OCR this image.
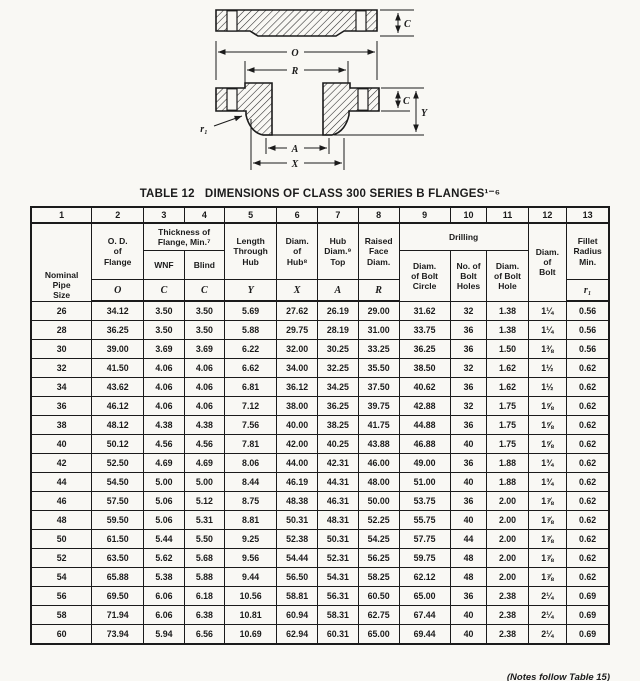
C
O
R
r₁
C
Y
A
X
TABLE 12   DIMENSIONS OF CLASS 300 SERIES B FLANGES¹⁻⁶
1	2	3	4	5	6	7	8	9	10	11	12	13
Nominal
Pipe
Size	O. D.
of
Flange	Thickness of
Flange, Min.⁷		Length
Through
Hub	Diam.
of
Hub⁸	Hub
Diam.⁹
Top	Raised
Face
Diam.	Drilling			Diam.
of
Bolt	Fillet
Radius
Min.
		WNF	Blind					Diam.
of Bolt
Circle	No. of
Bolt
Holes	Diam.
of Bolt
Hole		
	O	C	C	Y	X	A	R					r₁
26	34.12	3.50	3.50	5.69	27.62	26.19	29.00	31.62	32	1.38	1¼	0.56
28	36.25	3.50	3.50	5.88	29.75	28.19	31.00	33.75	36	1.38	1¼	0.56
30	39.00	3.69	3.69	6.22	32.00	30.25	33.25	36.25	36	1.50	1⅜	0.56
32	41.50	4.06	4.06	6.62	34.00	32.25	35.50	38.50	32	1.62	1½	0.62
34	43.62	4.06	4.06	6.81	36.12	34.25	37.50	40.62	36	1.62	1½	0.62
36	46.12	4.06	4.06	7.12	38.00	36.25	39.75	42.88	32	1.75	1⅝	0.62
38	48.12	4.38	4.38	7.56	40.00	38.25	41.75	44.88	36	1.75	1⅝	0.62
40	50.12	4.56	4.56	7.81	42.00	40.25	43.88	46.88	40	1.75	1⅝	0.62
42	52.50	4.69	4.69	8.06	44.00	42.31	46.00	49.00	36	1.88	1¾	0.62
44	54.50	5.00	5.00	8.44	46.19	44.31	48.00	51.00	40	1.88	1¾	0.62
46	57.50	5.06	5.12	8.75	48.38	46.31	50.00	53.75	36	2.00	1⅞	0.62
48	59.50	5.06	5.31	8.81	50.31	48.31	52.25	55.75	40	2.00	1⅞	0.62
50	61.50	5.44	5.50	9.25	52.38	50.31	54.25	57.75	44	2.00	1⅞	0.62
52	63.50	5.62	5.68	9.56	54.44	52.31	56.25	59.75	48	2.00	1⅞	0.62
54	65.88	5.38	5.88	9.44	56.50	54.31	58.25	62.12	48	2.00	1⅞	0.62
56	69.50	6.06	6.18	10.56	58.81	56.31	60.50	65.00	36	2.38	2¼	0.69
58	71.94	6.06	6.38	10.81	60.94	58.31	62.75	67.44	40	2.38	2¼	0.69
60	73.94	5.94	6.56	10.69	62.94	60.31	65.00	69.44	40	2.38	2¼	0.69
(Notes follow Table 15)
